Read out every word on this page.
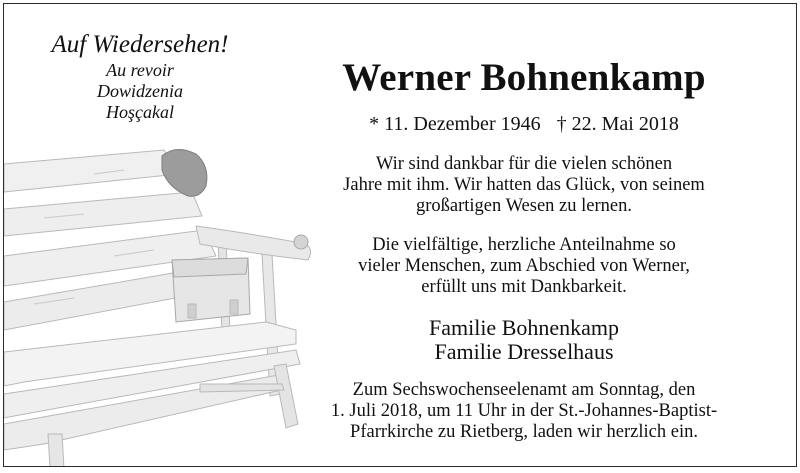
Auf Wiedersehen!
Au revoir
Dowidzenia
Hoşçakal
Werner Bohnenkamp
* 11. Dezember 1946 † 22. Mai 2018
Wir sind dankbar für die vielen schönen
Jahre mit ihm. Wir hatten das Glück, von seinem
großartigen Wesen zu lernen.
Die vielfältige, herzliche Anteilnahme so
vieler Menschen, zum Abschied von Werner,
erfüllt uns mit Dankbarkeit.
Familie Bohnenkamp
Familie Dresselhaus
Zum Sechswochenseelenamt am Sonntag, den
1. Juli 2018, um 11 Uhr in der St.-Johannes-Baptist-
Pfarrkirche zu Rietberg, laden wir herzlich ein.
